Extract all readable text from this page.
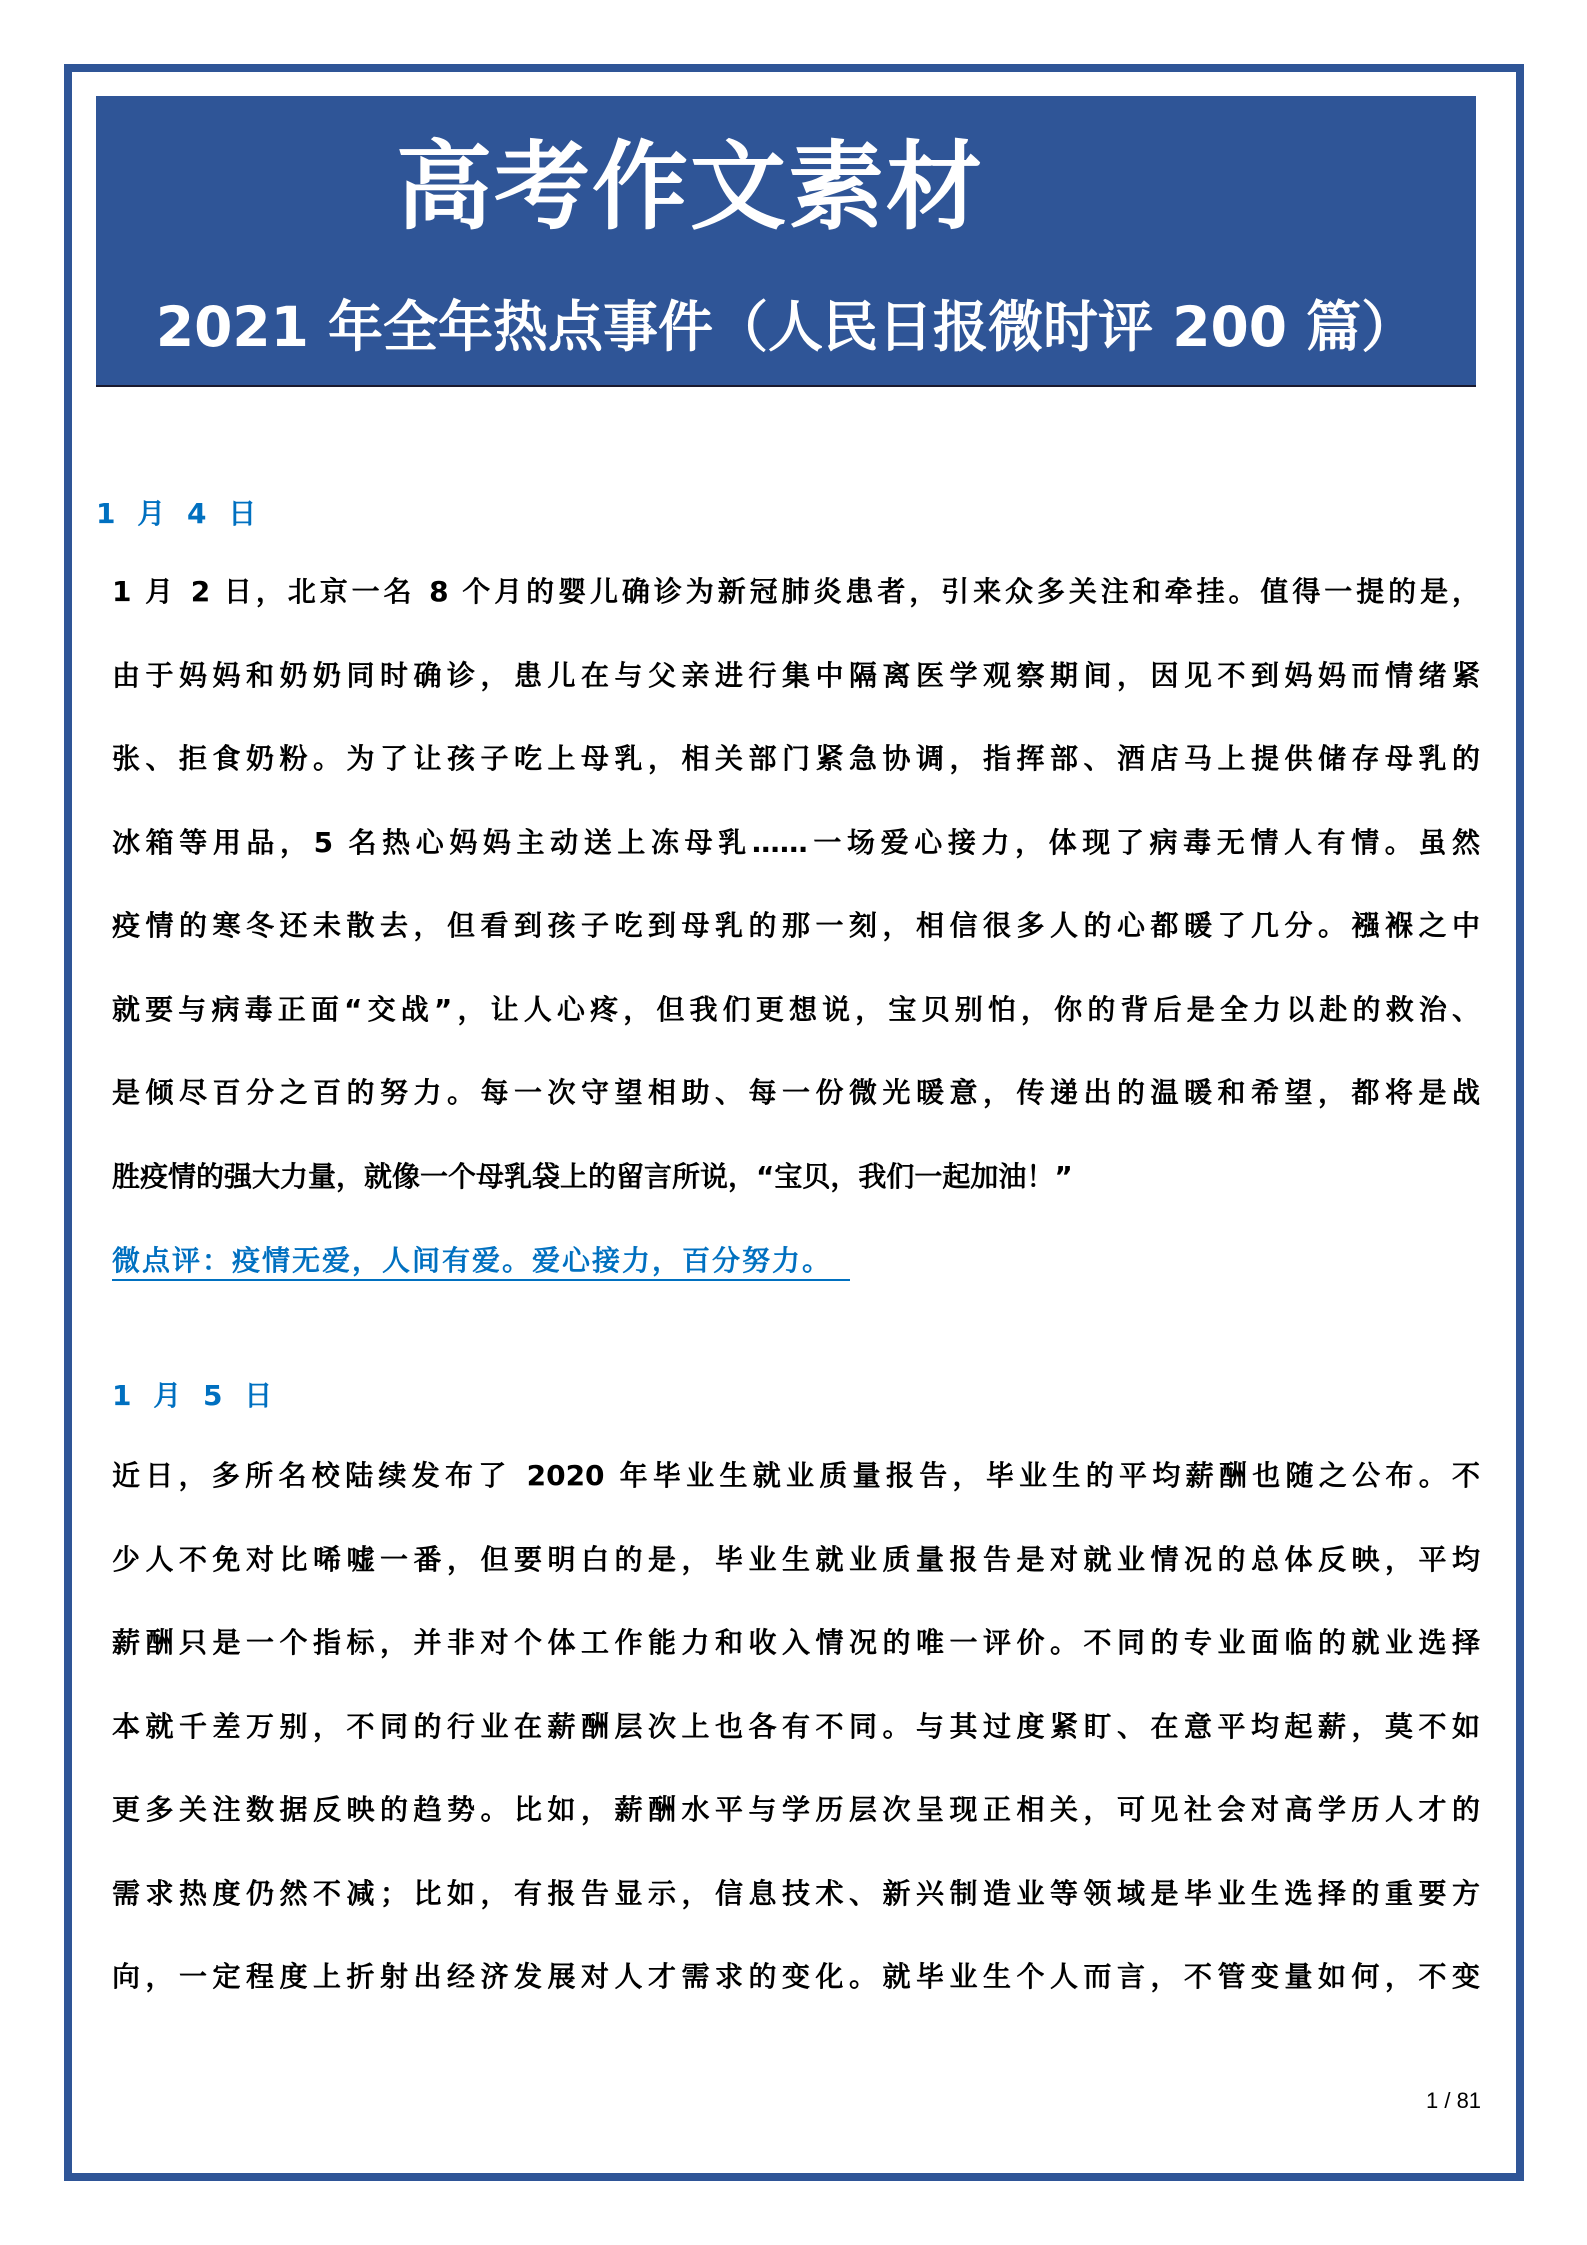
高考作文素材
2021 年全年热点事件（人民日报微时评 200 篇）
1 月 4 日
1 月 2 日，北京一名 8 个月的婴儿确诊为新冠肺炎患者，引来众多关注和牵挂。值得一提的是，
由于妈妈和奶奶同时确诊，患儿在与父亲进行集中隔离医学观察期间，因见不到妈妈而情绪紧
张、拒食奶粉。为了让孩子吃上母乳，相关部门紧急协调，指挥部、酒店马上提供储存母乳的
冰箱等用品，5 名热心妈妈主动送上冻母乳……一场爱心接力，体现了病毒无情人有情。虽然
疫情的寒冬还未散去，但看到孩子吃到母乳的那一刻，相信很多人的心都暖了几分。襁褓之中
就要与病毒正面“交战”，让人心疼，但我们更想说，宝贝别怕，你的背后是全力以赴的救治、
是倾尽百分之百的努力。每一次守望相助、每一份微光暖意，传递出的温暖和希望，都将是战
胜疫情的强大力量，就像一个母乳袋上的留言所说，“宝贝，我们一起加油！”
微点评：疫情无爱，人间有爱。爱心接力，百分努力。
1 月 5 日
近日，多所名校陆续发布了 2020 年毕业生就业质量报告，毕业生的平均薪酬也随之公布。不
少人不免对比唏嘘一番，但要明白的是，毕业生就业质量报告是对就业情况的总体反映，平均
薪酬只是一个指标，并非对个体工作能力和收入情况的唯一评价。不同的专业面临的就业选择
本就千差万别，不同的行业在薪酬层次上也各有不同。与其过度紧盯、在意平均起薪，莫不如
更多关注数据反映的趋势。比如，薪酬水平与学历层次呈现正相关，可见社会对高学历人才的
需求热度仍然不减；比如，有报告显示，信息技术、新兴制造业等领域是毕业生选择的重要方
向，一定程度上折射出经济发展对人才需求的变化。就毕业生个人而言，不管变量如何，不变
1 / 81
